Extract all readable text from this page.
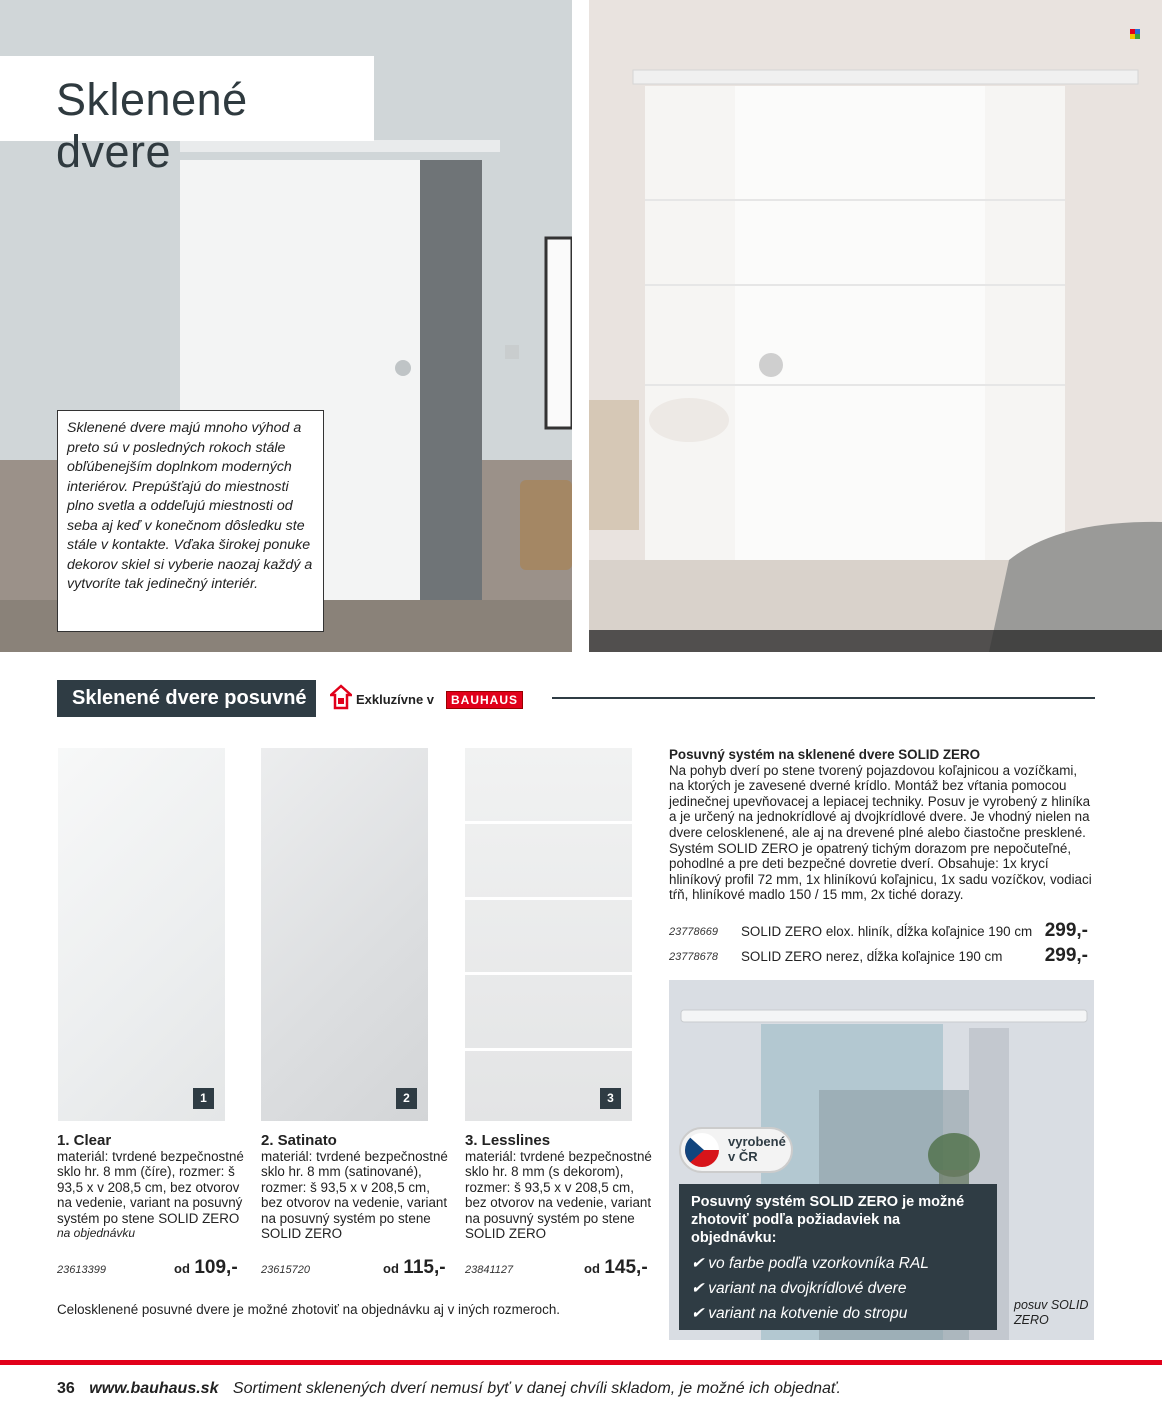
Sklenené dvere
Sklenené dvere majú mnoho výhod a preto sú v posledných rokoch stále obľúbenejším doplnkom moderných interiérov. Prepúšťajú do miestnosti plno svetla a oddeľujú miestnosti od seba aj keď v konečnom dôsledku ste stále v kontakte. Vďaka širokej ponuke dekorov skiel si vyberie naozaj každý a vytvoríte tak jedinečný interiér.
Sklenené dvere posuvné	Exkluzívne v	BAUHAUS
1	2	3
1. Clear
materiál: tvrdené bezpečnostné sklo hr. 8 mm (číre), rozmer: š 93,5 x v 208,5 cm, bez otvorov na vedenie, variant na posuvný systém po stene SOLID ZERO
na objednávku
2. Satinato
materiál: tvrdené bezpečnostné sklo hr. 8 mm (satinované), rozmer: š 93,5 x v 208,5 cm, bez otvorov na vedenie, variant na posuvný systém po stene SOLID ZERO
3. Lesslines
materiál: tvrdené bezpečnostné sklo hr. 8 mm (s dekorom), rozmer: š 93,5 x v 208,5 cm, bez otvorov na vedenie, variant na posuvný systém po stene SOLID ZERO
23613399	od 109,- 23615720	od 115,- 23841127	od 145,-
Celosklenené posuvné dvere je možné zhotoviť na objednávku aj v iných rozmeroch.
Posuvný systém na sklenené dvere SOLID ZERO
Na pohyb dverí po stene tvorený pojazdovou koľajnicou a vozíčkami, na ktorých je zavesené dverné krídlo. Montáž bez vŕtania pomocou jedinečnej upevňovacej a lepiacej techniky. Posuv je vyrobený z hliníka a je určený na jednokrídlové aj dvojkrídlové dvere. Je vhodný nielen na dvere celosklenené, ale aj na drevené plné alebo čiastočne presklené.
Systém SOLID ZERO je opatrený tichým dorazom pre nepočuteľné, pohodlné a pre deti bezpečné dovretie dverí. Obsahuje: 1x krycí hliníkový profil 72 mm, 1x hliníkovú koľajnicu, 1x sadu vozíčkov, vodiaci tŕň, hliníkové madlo 150 / 15 mm, 2x tiché dorazy.
23778669 SOLID ZERO elox. hliník, dĺžka koľajnice 190 cm 299,-
23778678 SOLID ZERO nerez, dĺžka koľajnice 190 cm 299,-
vyrobené
v ČR
Posuvný systém SOLID ZERO je možné zhotoviť podľa požiadaviek na objednávku:
✔ vo farbe podľa vzorkovníka RAL
✔ variant na dvojkrídlové dvere
✔ variant na kotvenie do stropu	posuv SOLID ZERO
36 www.bauhaus.sk Sortiment sklenených dverí nemusí byť v danej chvíli skladom, je možné ich objednať.
